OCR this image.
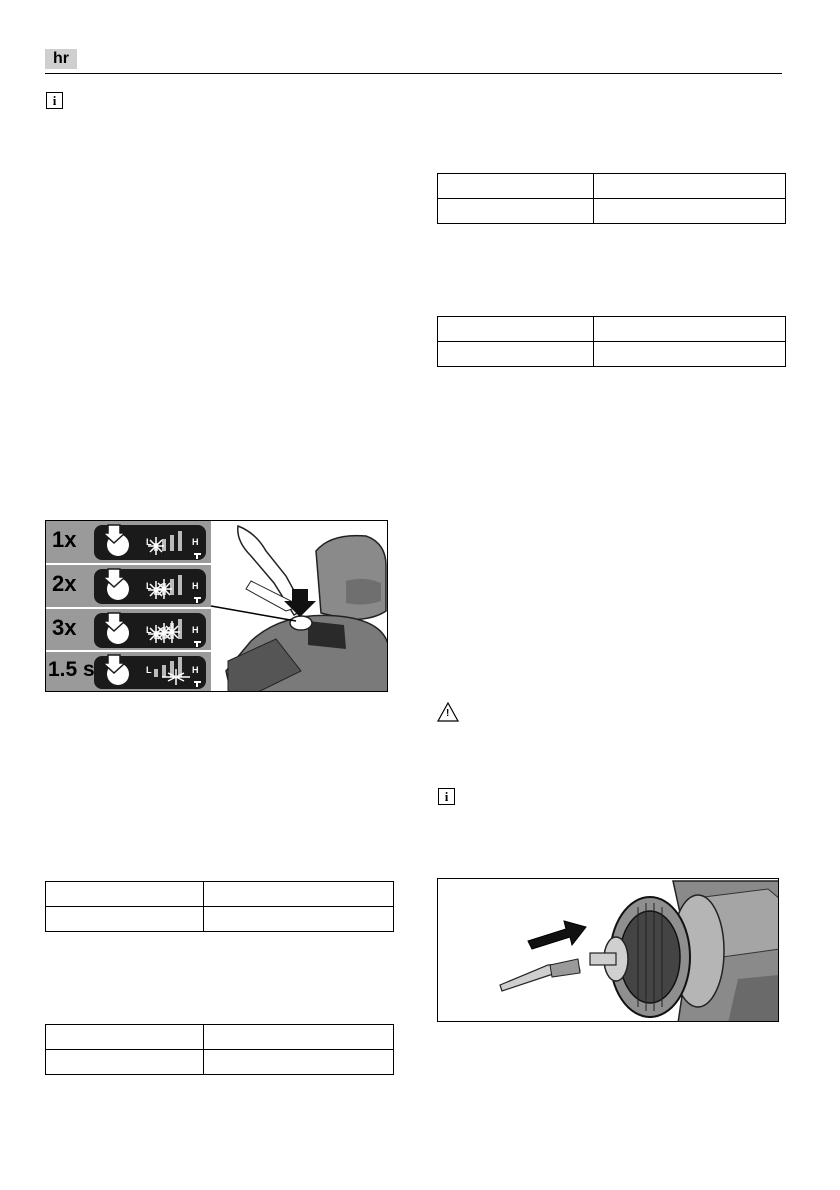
hr
i

1x
2x
3x
1.5 s
L	H
L	H
L	H
L	H
!
i
